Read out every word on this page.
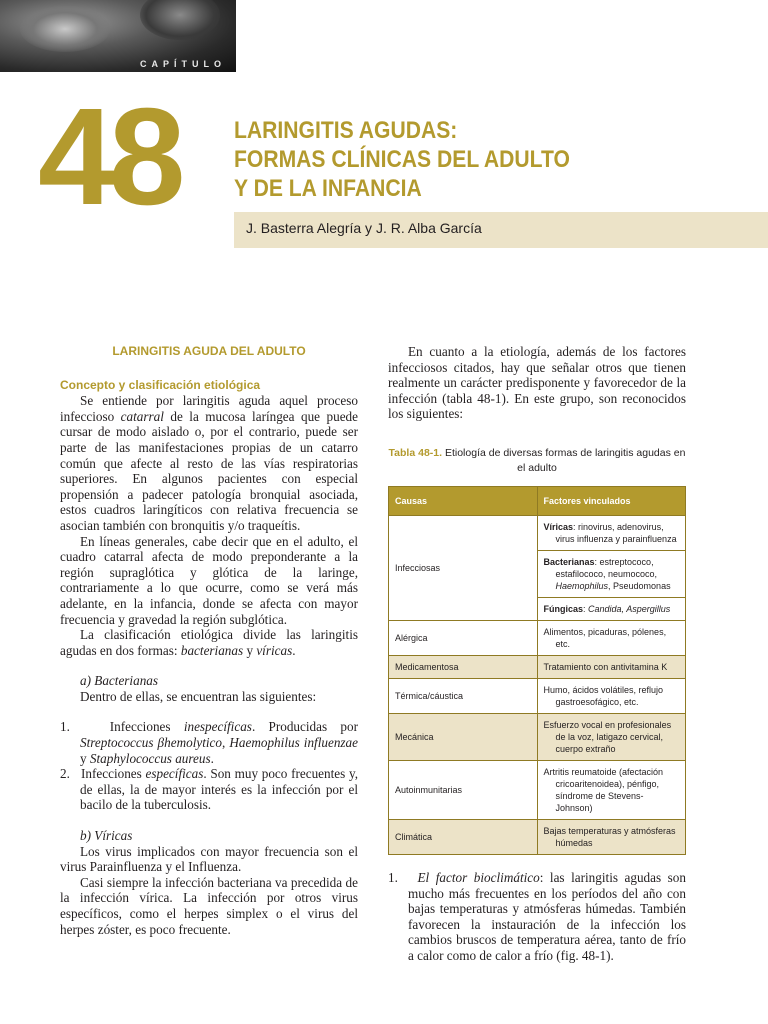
CAPÍTULO
48	LARINGITIS AGUDAS:
FORMAS CLÍNICAS DEL ADULTO
Y DE LA INFANCIA
J. Basterra Alegría y J. R. Alba García
LARINGITIS AGUDA DEL ADULTO
Concepto y clasificación etiológica

Se entiende por laringitis aguda aquel proceso infeccioso catarral de la mucosa laríngea que puede cursar de modo aislado o, por el contrario, puede ser parte de las manifestaciones propias de un catarro común que afecte al resto de las vías respiratorias superiores. En algunos pacientes con especial propensión a padecer patología bronquial asociada, estos cuadros laringíticos con relativa frecuencia se asocian también con bronquitis y/o traqueítis.

En líneas generales, cabe decir que en el adulto, el cuadro catarral afecta de modo preponderante a la región supraglótica y glótica de la laringe, contrariamente a lo que ocurre, como se verá más adelante, en la infancia, donde se afecta con mayor frecuencia y gravedad la región subglótica.

La clasificación etiológica divide las laringitis agudas en dos formas: bacterianas y víricas.

a) Bacterianas

Dentro de ellas, se encuentran las siguientes:

1.	Infecciones inespecíficas. Producidas por Streptococcus βhemolytico, Haemophilus influenzae y Staphylococcus aureus.

2. Infecciones específicas. Son muy poco frecuentes y, de ellas, la de mayor interés es la infección por el bacilo de la tuberculosis.

b) Víricas

Los virus implicados con mayor frecuencia son el virus Parainfluenza y el Influenza.

Casi siempre la infección bacteriana va precedida de la infección vírica. La infección por otros virus específicos, como el herpes simplex o el virus del herpes zóster, es poco frecuente.

En cuanto a la etiología, además de los factores infecciosos citados, hay que señalar otros que tienen realmente un carácter predisponente y favorecedor de la infección (tabla 48-1). En este grupo, son reconocidos los siguientes:

Tabla 48-1. Etiología de diversas formas de laringitis agudas en el adulto
Causas	Factores vinculados
Infecciosas	Víricas: rinovirus, adenovirus, virus influenza y parainfluenza

	Bacterianas: estreptococo, estafilococo, neumococo, Haemophilus, Pseudomonas

	Fúngicas: Candida, Aspergillus

Alérgica	Alimentos, picaduras, pólenes, etc.

Medicamentosa	Tratamiento con antivitamina K

Térmica/cáustica	Humo, ácidos volátiles, reflujo gastroesofágico, etc.

Mecánica	Esfuerzo vocal en profesionales de la voz, latigazo cervical, cuerpo extraño

Autoinmunitarias	Artritis reumatoide (afectación cricoaritenoidea), pénfigo, síndrome de Stevens-Johnson)

Climática	Bajas temperaturas y atmósferas húmedas

1. El factor bioclimático: las laringitis agudas son mucho más frecuentes en los períodos del año con bajas temperaturas y atmósferas húmedas. También favorecen la instauración de la infección los cambios bruscos de temperatura aérea, tanto de frío a calor como de calor a frío (fig. 48-1).
